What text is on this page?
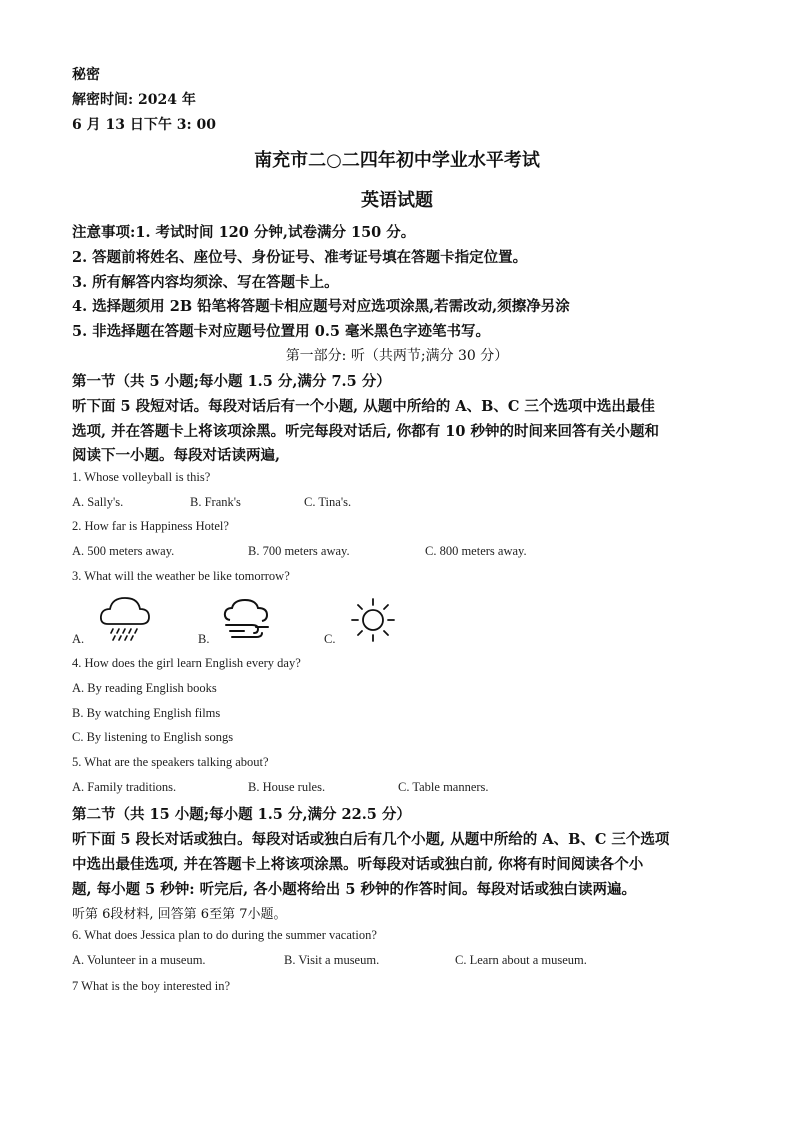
秘密
解密时间: 2024 年
6 月 13 日下午 3: 00
南充市二○二四年初中学业水平考试
英语试题
注意事项:1. 考试时间 120 分钟,试卷满分 150 分。
2. 答题前将姓名、座位号、身份证号、准考证号填在答题卡指定位置。
3. 所有解答内容均须涂、写在答题卡上。
4. 选择题须用 2B 铅笔将答题卡相应题号对应选项涂黑,若需改动,须擦净另涂
5. 非选择题在答题卡对应题号位置用 0.5 毫米黑色字迹笔书写。
第一部分: 听（共两节;满分 30 分）
第一节（共 5 小题;每小题 1.5 分,满分 7.5 分）
听下面 5 段短对话。每段对话后有一个小题, 从题中所给的 A、B、C 三个选项中选出最佳
选项, 并在答题卡上将该项涂黑。听完每段对话后, 你都有 10 秒钟的时间来回答有关小题和
阅读下一小题。每段对话读两遍,
1. Whose volleyball is this?
A. Sally's.	B. Frank's	C. Tina's.
2. How far is Happiness Hotel?
A. 500 meters away.	B. 700 meters away.	C. 800 meters away.
3. What will the weather be like tomorrow?
A.	B.	C.
4. How does the girl learn English every day?
A. By reading English books
B. By watching English films
C. By listening to English songs
5. What are the speakers talking about?
A. Family traditions.	B. House rules.	C. Table manners.
第二节（共 15 小题;每小题 1.5 分,满分 22.5 分）
听下面 5 段长对话或独白。每段对话或独白后有几个小题, 从题中所给的 A、B、C 三个选项
中选出最佳选项, 并在答题卡上将该项涂黑。听每段对话或独白前, 你将有时间阅读各个小
题, 每小题 5 秒钟: 听完后, 各小题将给出 5 秒钟的作答时间。每段对话或独白读两遍。
听第 6段材料, 回答第 6至第 7小题。
6. What does Jessica plan to do during the summer vacation?
A. Volunteer in a museum.	B. Visit a museum.	C. Learn about a museum.
7 What is the boy interested in?
